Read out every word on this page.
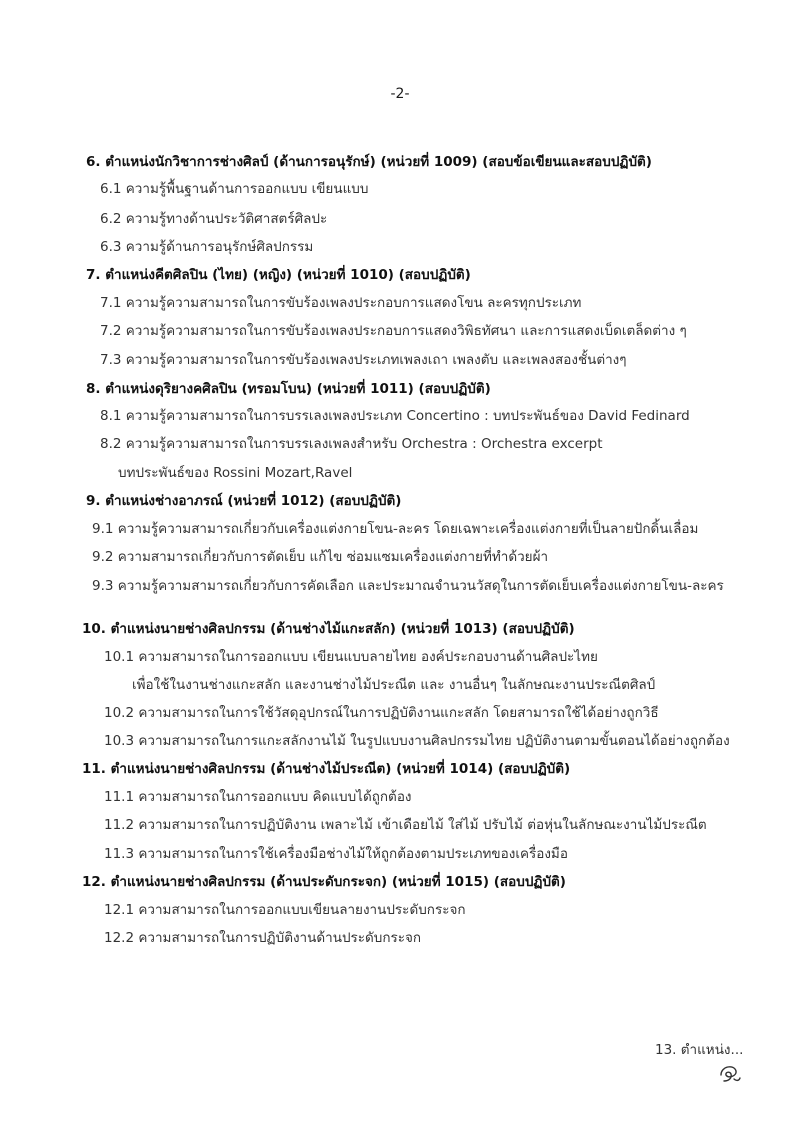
-2-
6. ตำแหน่งนักวิชาการช่างศิลป์ (ด้านการอนุรักษ์) (หน่วยที่ 1009) (สอบข้อเขียนและสอบปฏิบัติ)
6.1 ความรู้พื้นฐานด้านการออกแบบ เขียนแบบ
6.2 ความรู้ทางด้านประวัติศาสตร์ศิลปะ
6.3 ความรู้ด้านการอนุรักษ์ศิลปกรรม
7. ตำแหน่งคีตศิลปิน (ไทย) (หญิง) (หน่วยที่ 1010) (สอบปฏิบัติ)
7.1 ความรู้ความสามารถในการขับร้องเพลงประกอบการแสดงโขน ละครทุกประเภท
7.2 ความรู้ความสามารถในการขับร้องเพลงประกอบการแสดงวิพิธทัศนา และการแสดงเบ็ดเตล็ดต่าง ๆ
7.3 ความรู้ความสามารถในการขับร้องเพลงประเภทเพลงเถา เพลงตับ และเพลงสองชั้นต่างๆ
8. ตำแหน่งดุริยางคศิลปิน (ทรอมโบน) (หน่วยที่ 1011) (สอบปฏิบัติ)
8.1 ความรู้ความสามารถในการบรรเลงเพลงประเภท Concertino : บทประพันธ์ของ David Fedinard
8.2 ความรู้ความสามารถในการบรรเลงเพลงสำหรับ Orchestra : Orchestra excerpt
บทประพันธ์ของ Rossini Mozart,Ravel
9. ตำแหน่งช่างอาภรณ์ (หน่วยที่ 1012) (สอบปฏิบัติ)
9.1 ความรู้ความสามารถเกี่ยวกับเครื่องแต่งกายโขน-ละคร โดยเฉพาะเครื่องแต่งกายที่เป็นลายปักดิ้นเลื่อม
9.2 ความสามารถเกี่ยวกับการตัดเย็บ แก้ไข ซ่อมแซมเครื่องแต่งกายที่ทำด้วยผ้า
9.3 ความรู้ความสามารถเกี่ยวกับการคัดเลือก และประมาณจำนวนวัสดุในการตัดเย็บเครื่องแต่งกายโขน-ละคร
10. ตำแหน่งนายช่างศิลปกรรม (ด้านช่างไม้แกะสลัก) (หน่วยที่ 1013) (สอบปฏิบัติ)
10.1 ความสามารถในการออกแบบ เขียนแบบลายไทย องค์ประกอบงานด้านศิลปะไทย
เพื่อใช้ในงานช่างแกะสลัก และงานช่างไม้ประณีต และ งานอื่นๆ ในลักษณะงานประณีตศิลป์
10.2 ความสามารถในการใช้วัสดุอุปกรณ์ในการปฏิบัติงานแกะสลัก โดยสามารถใช้ได้อย่างถูกวิธี
10.3 ความสามารถในการแกะสลักงานไม้ ในรูปแบบงานศิลปกรรมไทย ปฏิบัติงานตามขั้นตอนได้อย่างถูกต้อง
11. ตำแหน่งนายช่างศิลปกรรม (ด้านช่างไม้ประณีต) (หน่วยที่ 1014) (สอบปฏิบัติ)
11.1 ความสามารถในการออกแบบ คิดแบบได้ถูกต้อง
11.2 ความสามารถในการปฏิบัติงาน เพลาะไม้ เข้าเดือยไม้ ใส่ไม้ ปรับไม้ ต่อหุ่นในลักษณะงานไม้ประณีต
11.3 ความสามารถในการใช้เครื่องมือช่างไม้ให้ถูกต้องตามประเภทของเครื่องมือ
12. ตำแหน่งนายช่างศิลปกรรม (ด้านประดับกระจก) (หน่วยที่ 1015) (สอบปฏิบัติ)
12.1 ความสามารถในการออกแบบเขียนลายงานประดับกระจก
12.2 ความสามารถในการปฏิบัติงานด้านประดับกระจก
13. ตำแหน่ง...
